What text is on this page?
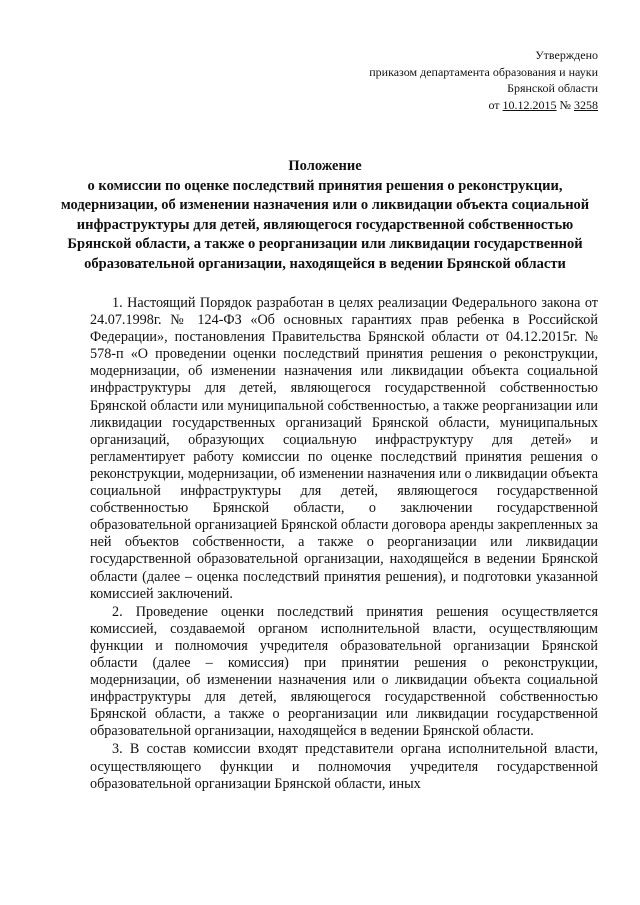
Утверждено
приказом департамента образования и науки
Брянской области
от 10.12.2015 № 3258
Положение
о комиссии по оценке последствий принятия решения о реконструкции, модернизации, об изменении назначения или о ликвидации объекта социальной инфраструктуры для детей, являющегося государственной собственностью Брянской области, а также о реорганизации или ликвидации государственной образовательной организации, находящейся в ведении Брянской области

1. Настоящий Порядок разработан в целях реализации Федерального закона от 24.07.1998г. № 124-ФЗ «Об основных гарантиях прав ребенка в Российской Федерации», постановления Правительства Брянской области от 04.12.2015г. № 578-п «О проведении оценки последствий принятия решения о реконструкции, модернизации, об изменении назначения или ликвидации объекта социальной инфраструктуры для детей, являющегося государственной собственностью Брянской области или муниципальной собственностью, а также реорганизации или ликвидации государственных организаций Брянской области, муниципальных организаций, образующих социальную инфраструктуру для детей» и регламентирует работу комиссии по оценке последствий принятия решения о реконструкции, модернизации, об изменении назначения или о ликвидации объекта социальной инфраструктуры для детей, являющегося государственной собственностью Брянской области, о заключении государственной образовательной организацией Брянской области договора аренды закрепленных за ней объектов собственности, а также о реорганизации или ликвидации государственной образовательной организации, находящейся в ведении Брянской области (далее – оценка последствий принятия решения), и подготовки указанной комиссией заключений.

2. Проведение оценки последствий принятия решения осуществляется комиссией, создаваемой органом исполнительной власти, осуществляющим функции и полномочия учредителя образовательной организации Брянской области (далее – комиссия) при принятии решения о реконструкции, модернизации, об изменении назначения или о ликвидации объекта социальной инфраструктуры для детей, являющегося государственной собственностью Брянской области, а также о реорганизации или ликвидации государственной образовательной организации, находящейся в ведении Брянской области.

3. В состав комиссии входят представители органа исполнительной власти, осуществляющего функции и полномочия учредителя государственной образовательной организации Брянской области, иных
